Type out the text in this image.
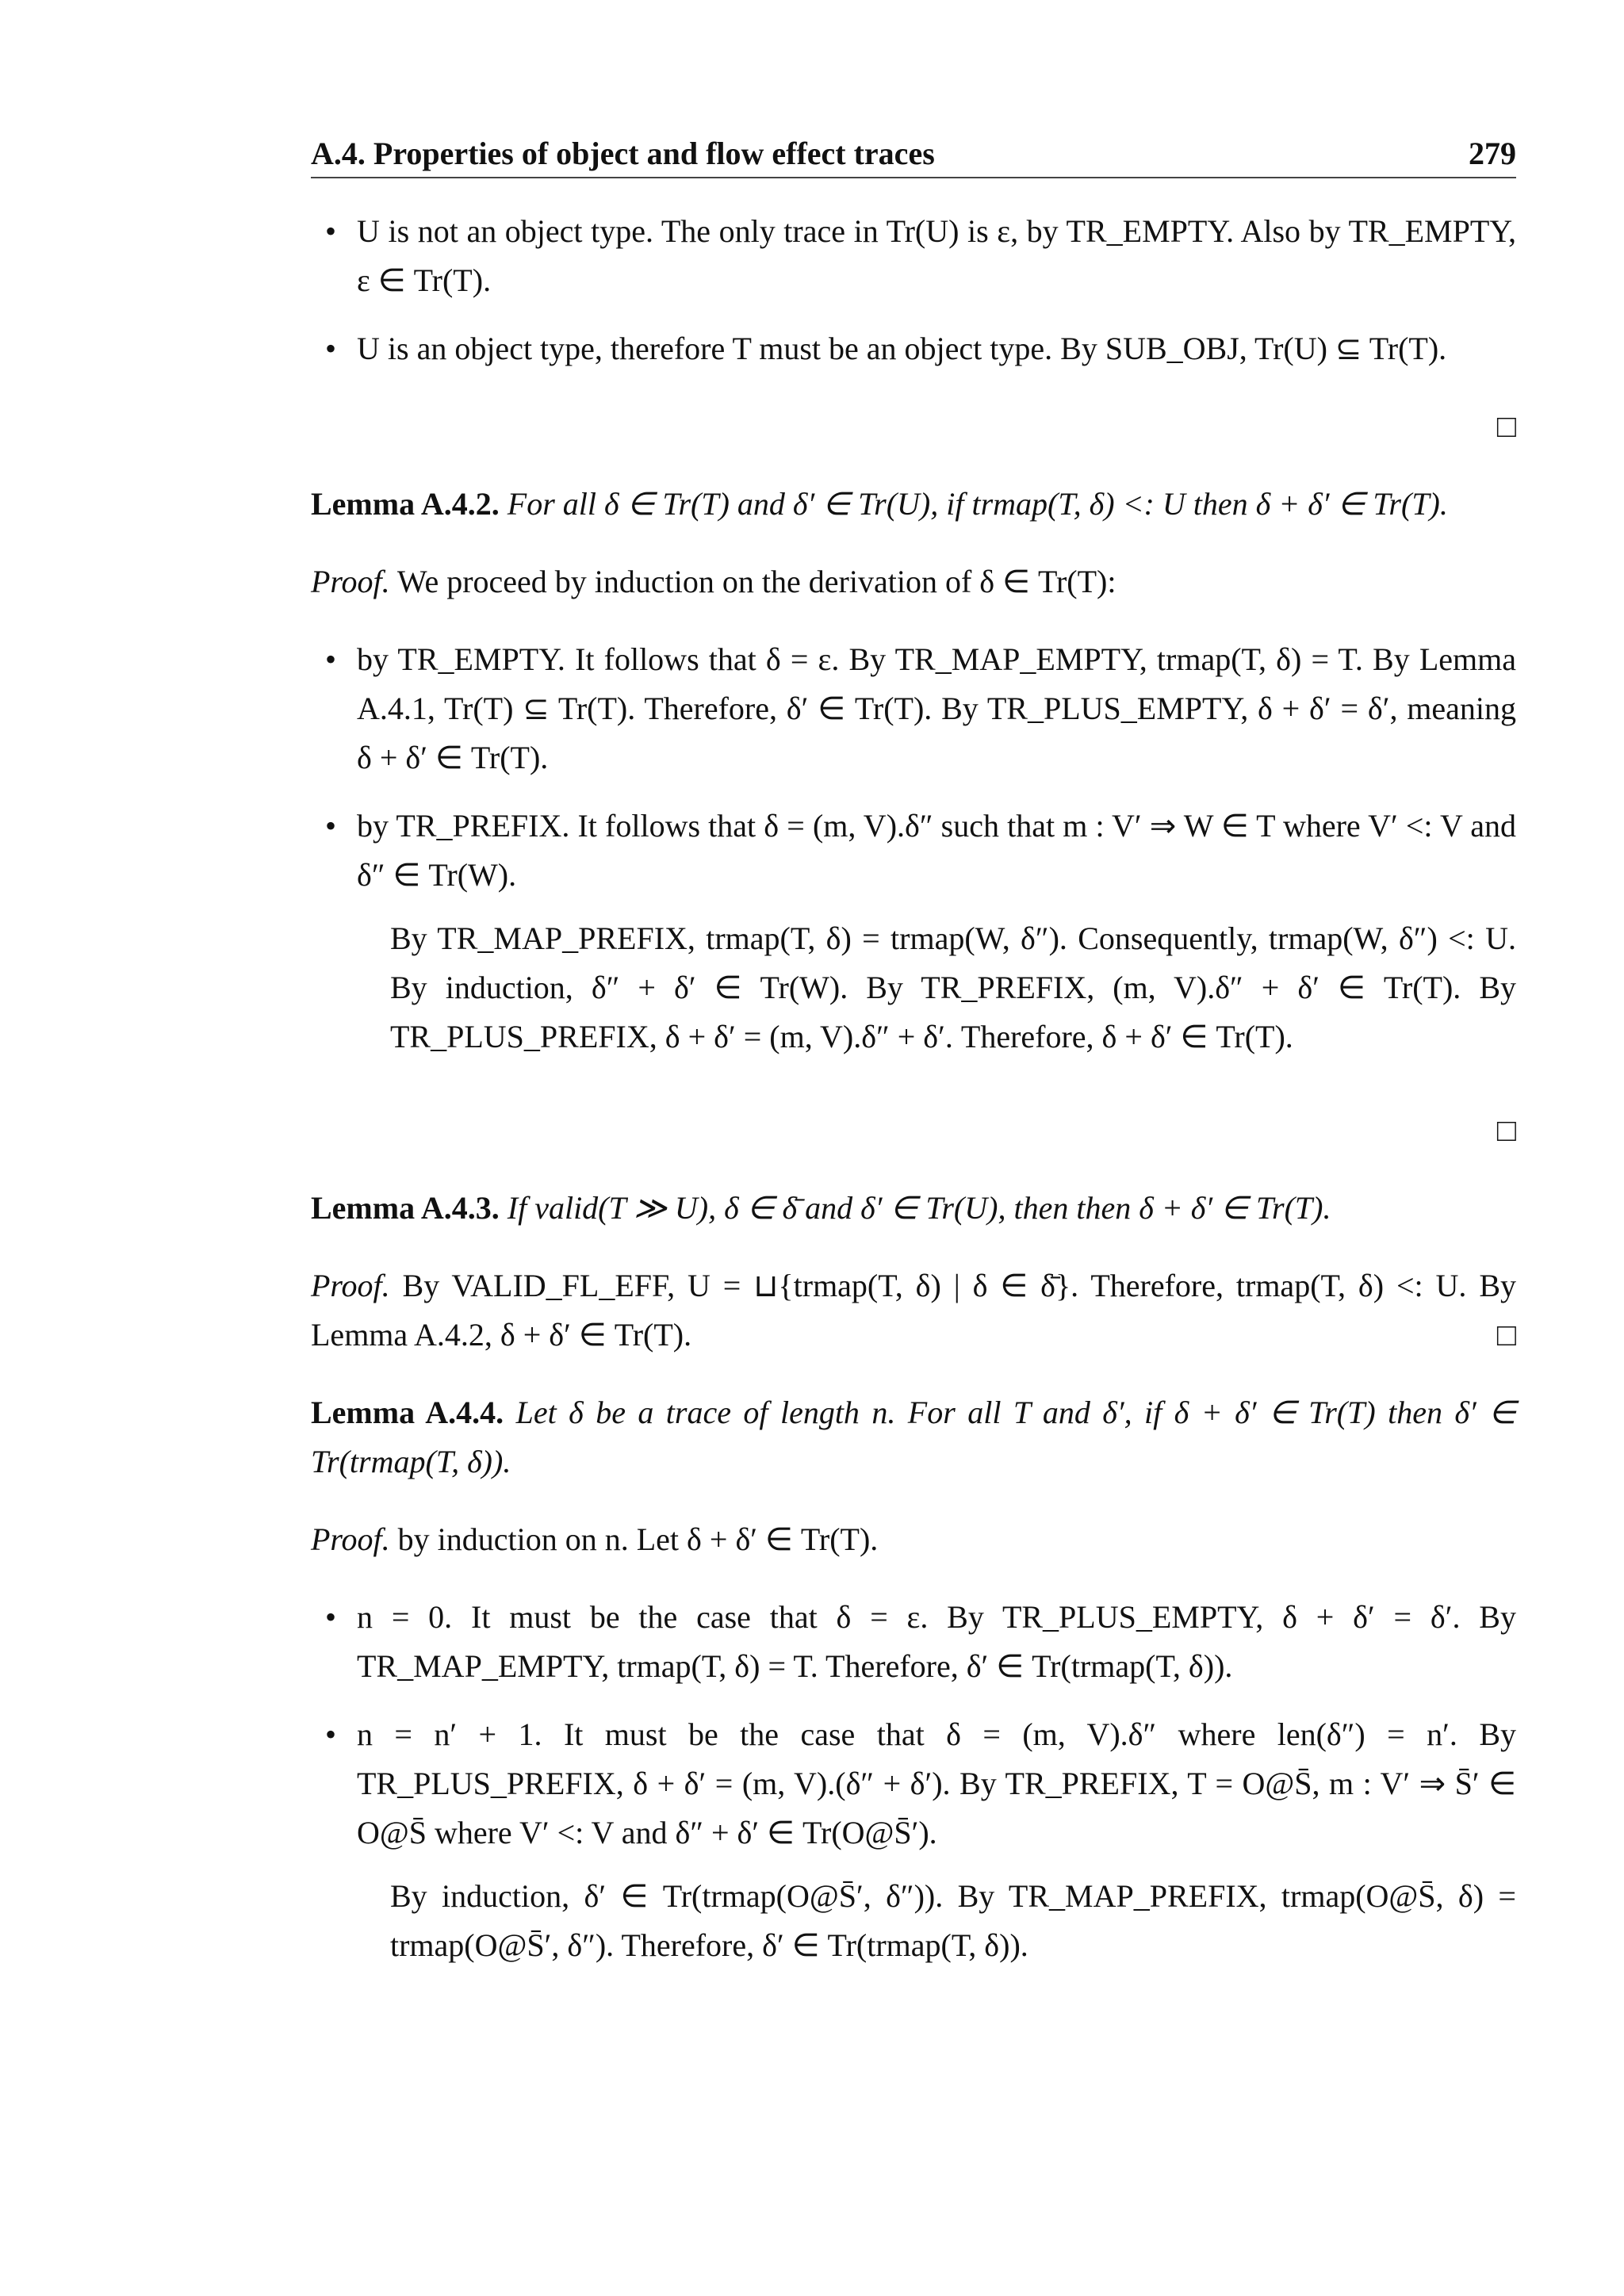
A.4. Properties of object and flow effect traces	279
• U is not an object type. The only trace in Tr(U) is ε, by TR_EMPTY. Also by TR_EMPTY, ε ∈ Tr(T).
• U is an object type, therefore T must be an object type. By SUB_OBJ, Tr(U) ⊆ Tr(T).
□
Lemma A.4.2. For all δ ∈ Tr(T) and δ′ ∈ Tr(U), if trmap(T, δ) <: U then δ + δ′ ∈ Tr(T).
Proof. We proceed by induction on the derivation of δ ∈ Tr(T):
• by TR_EMPTY. It follows that δ = ε. By TR_MAP_EMPTY, trmap(T, δ) = T. By Lemma A.4.1, Tr(T) ⊆ Tr(T). Therefore, δ′ ∈ Tr(T). By TR_PLUS_EMPTY, δ + δ′ = δ′, meaning δ + δ′ ∈ Tr(T).
• by TR_PREFIX. It follows that δ = (m, V).δ″ such that m : V′ ⇒ W ∈ T where V′ <: V and δ″ ∈ Tr(W).
By TR_MAP_PREFIX, trmap(T, δ) = trmap(W, δ″). Consequently, trmap(W, δ″) <: U. By induction, δ″ + δ′ ∈ Tr(W). By TR_PREFIX, (m, V).δ″ + δ′ ∈ Tr(T). By TR_PLUS_PREFIX, δ + δ′ = (m, V).δ″ + δ′. Therefore, δ + δ′ ∈ Tr(T).
□
Lemma A.4.3. If valid(T ≫ U), δ ∈ δ̄ and δ′ ∈ Tr(U), then then δ + δ′ ∈ Tr(T).
Proof. By VALID_FL_EFF, U = ⊔{trmap(T, δ) | δ ∈ δ̄}. Therefore, trmap(T, δ) <: U. By Lemma A.4.2, δ + δ′ ∈ Tr(T).	□
Lemma A.4.4. Let δ be a trace of length n. For all T and δ′, if δ + δ′ ∈ Tr(T) then δ′ ∈ Tr(trmap(T, δ)).
Proof. by induction on n. Let δ + δ′ ∈ Tr(T).
• n = 0. It must be the case that δ = ε. By TR_PLUS_EMPTY, δ + δ′ = δ′. By TR_MAP_EMPTY, trmap(T, δ) = T. Therefore, δ′ ∈ Tr(trmap(T, δ)).
• n = n′ + 1. It must be the case that δ = (m, V).δ″ where len(δ″) = n′. By TR_PLUS_PREFIX, δ + δ′ = (m, V).(δ″ + δ′). By TR_PREFIX, T = O@S̄, m : V′ ⇒ S̄′ ∈ O@S̄ where V′ <: V and δ″ + δ′ ∈ Tr(O@S̄′).
By induction, δ′ ∈ Tr(trmap(O@S̄′, δ″)). By TR_MAP_PREFIX, trmap(O@S̄, δ) = trmap(O@S̄′, δ″). Therefore, δ′ ∈ Tr(trmap(T, δ)).
